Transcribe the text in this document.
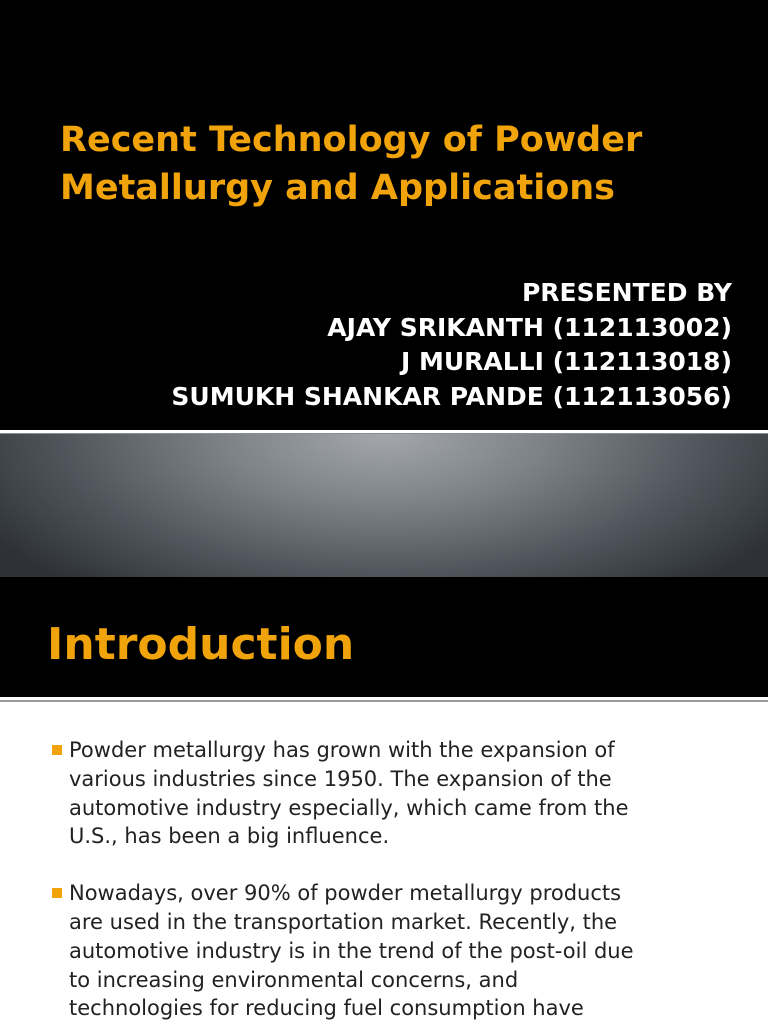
Recent Technology of Powder
Metallurgy and Applications
PRESENTED BY
AJAY SRIKANTH (112113002)
J MURALLI (112113018)
SUMUKH SHANKAR PANDE (112113056)
Introduction
Powder metallurgy has grown with the expansion of
various industries since 1950. The expansion of the
automotive industry especially, which came from the
U.S., has been a big influence.
Nowadays, over 90% of powder metallurgy products
are used in the transportation market. Recently, the
automotive industry is in the trend of the post-oil due
to increasing environmental concerns, and
technologies for reducing fuel consumption have
